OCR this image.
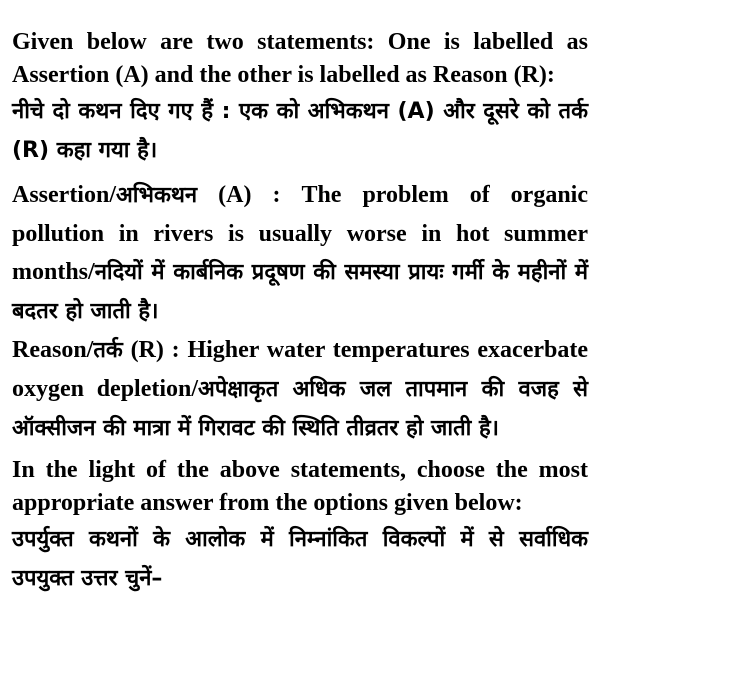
Given below are two statements: One is labelled as Assertion (A) and the other is labelled as Reason (R):

नीचे दो कथन दिए गए हैं : एक को अभिकथन (A) और दूसरे को तर्क (R) कहा गया है।

Assertion/अभिकथन (A) : The problem of organic pollution in rivers is usually worse in hot summer months/नदियों में कार्बनिक प्रदूषण की समस्या प्रायः गर्मी के महीनों में बदतर हो जाती है।

Reason/तर्क (R) : Higher water temperatures exacerbate oxygen depletion/अपेक्षाकृत अधिक जल तापमान की वजह से ऑक्सीजन की मात्रा में गिरावट की स्थिति तीव्रतर हो जाती है।

In the light of the above statements, choose the most appropriate answer from the options given below:

उपर्युक्त कथनों के आलोक में निम्नांकित विकल्पों में से सर्वाधिक उपयुक्त उत्तर चुनें–
